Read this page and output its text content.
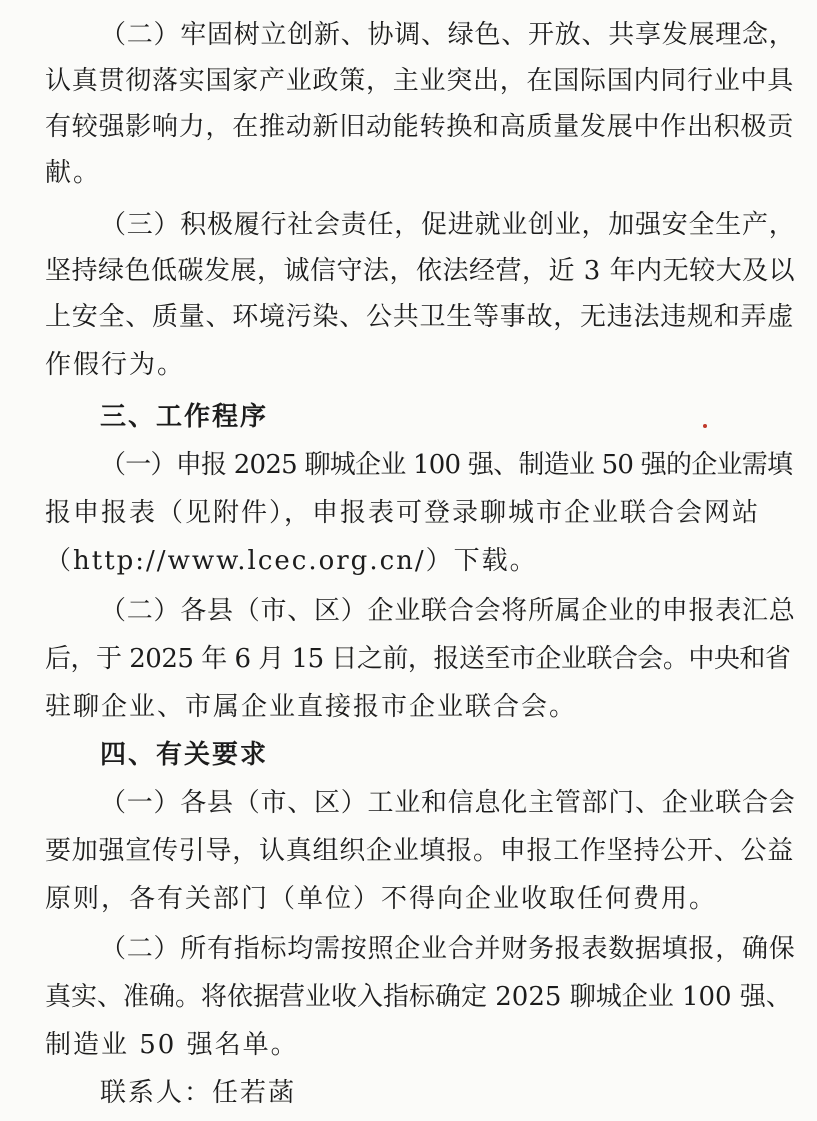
（二）牢固树立创新、协调、绿色、开放、共享发展理念，
认真贯彻落实国家产业政策，主业突出，在国际国内同行业中具
有较强影响力，在推动新旧动能转换和高质量发展中作出积极贡
献。
（三）积极履行社会责任，促进就业创业，加强安全生产，
坚持绿色低碳发展，诚信守法，依法经营，近 3 年内无较大及以
上安全、质量、环境污染、公共卫生等事故，无违法违规和弄虚
作假行为。
三、工作程序
（一）申报 2025 聊城企业 100 强、制造业 50 强的企业需填
报申报表（见附件），申报表可登录聊城市企业联合会网站
（http://www.lcec.org.cn/）下载。
（二）各县（市、区）企业联合会将所属企业的申报表汇总
后，于 2025 年 6 月 15 日之前，报送至市企业联合会。中央和省
驻聊企业、市属企业直接报市企业联合会。
四、有关要求
（一）各县（市、区）工业和信息化主管部门、企业联合会
要加强宣传引导，认真组织企业填报。申报工作坚持公开、公益
原则，各有关部门（单位）不得向企业收取任何费用。
（二）所有指标均需按照企业合并财务报表数据填报，确保
真实、准确。将依据营业收入指标确定 2025 聊城企业 100 强、
制造业 50 强名单。
联系人：任若菡
